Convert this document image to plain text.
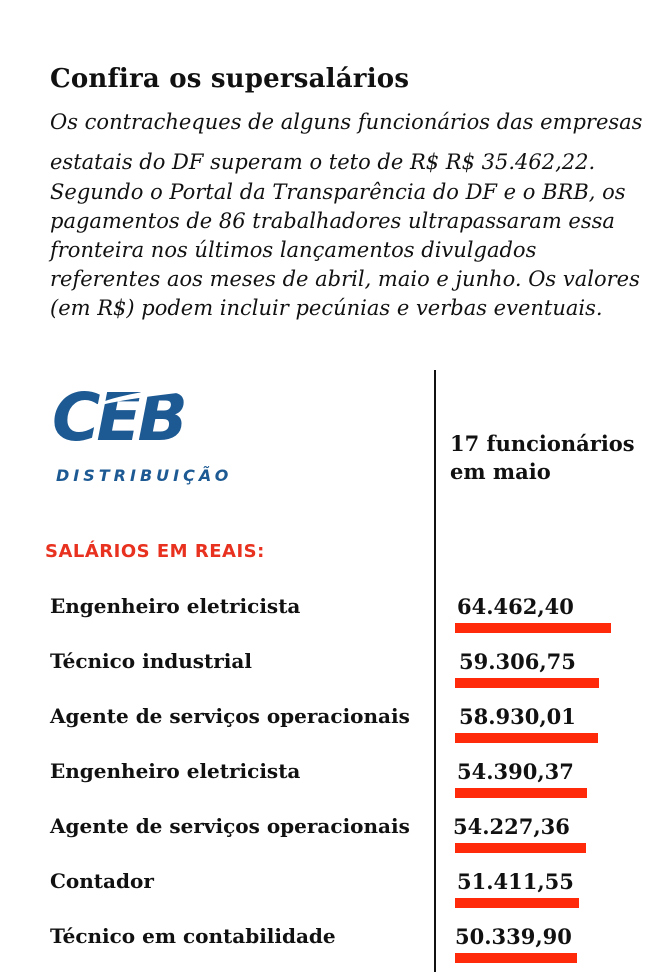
Confira os supersalários

Os contracheques de alguns funcionários das empresas

estatais do DF superam o teto de R$ R$ 35.462,22.

Segundo o Portal da Transparência do DF e o BRB, os

pagamentos de 86 trabalhadores ultrapassaram essa

fronteira nos últimos lançamentos divulgados

referentes aos meses de abril, maio e junho. Os valores

(em R$) podem incluir pecúnias e verbas eventuais.

CEB
DISTRIBUIÇÃO
17 funcionários
em maio
SALÁRIOS EM REAIS:
Engenheiro eletricista	64.462,40
Técnico industrial	59.306,75
Agente de serviços operacionais 58.930,01
Engenheiro eletricista	54.390,37
Agente de serviços operacionais 54.227,36
Contador	51.411,55
Técnico em contabilidade	50.339,90
